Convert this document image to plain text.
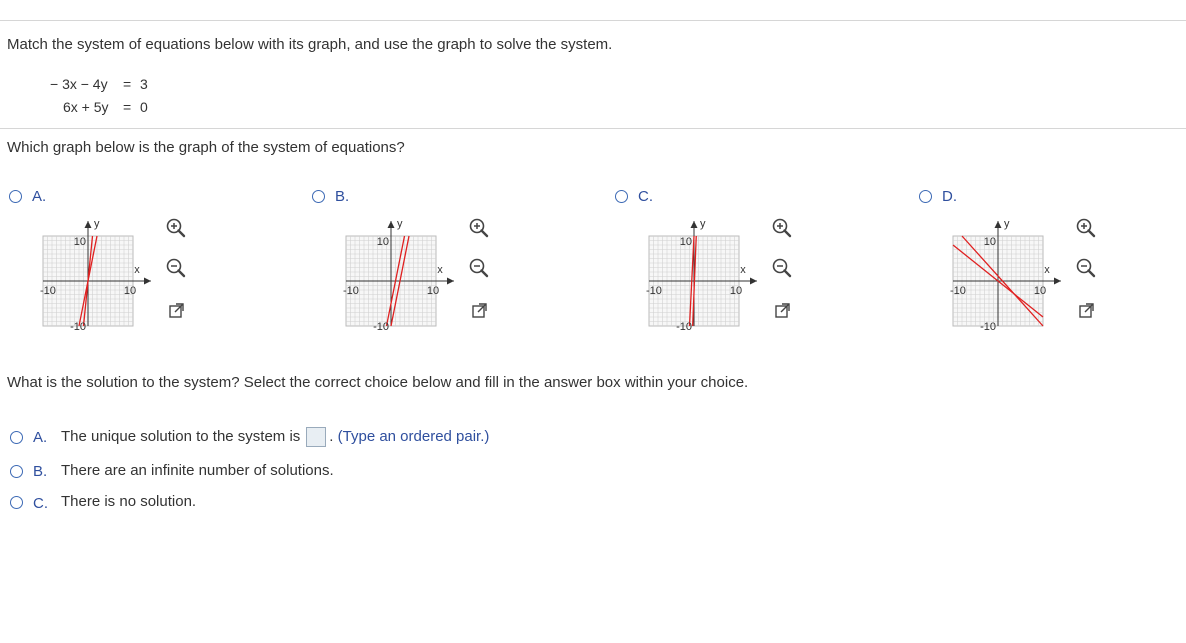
Match the system of equations below with its graph, and use the graph to solve the system.
− 3x − 4y = 3
6x + 5y = 0
Which graph below is the graph of the system of equations?
A.
y
x
-10	10
10
-10
B.
y
x
-10	10
10
-10
C.
y
x
-10	10
10
-10
D.
y
x
-10	10
10
-10
What is the solution to the system? Select the correct choice below and fill in the answer box within your choice.
A. The unique solution to the system is . (Type an ordered pair.)
B. There are an infinite number of solutions.
C. There is no solution.
